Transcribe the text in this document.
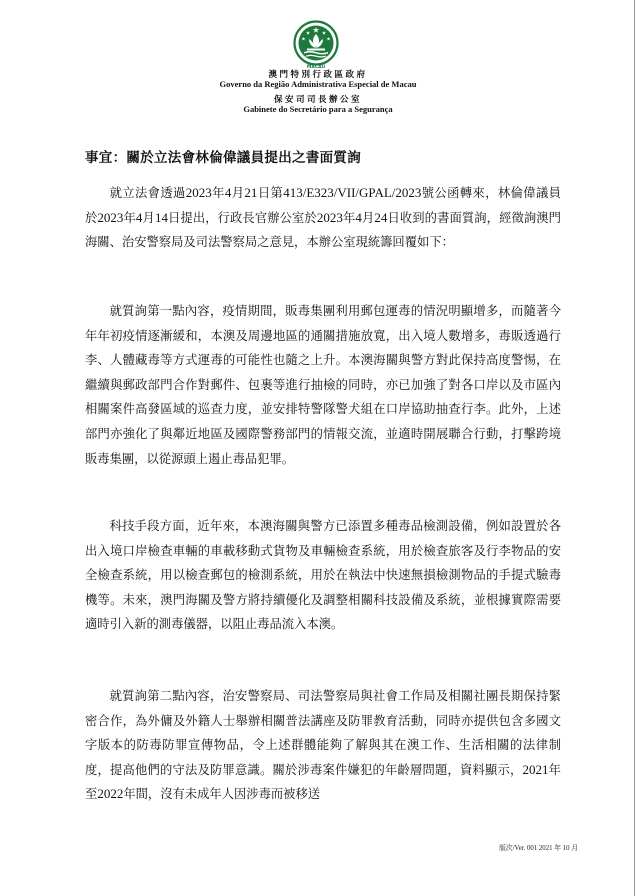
MACAU
澳門特別行政區政府
Governo da Região Administrativa Especial de Macau
保安司司長辦公室
Gabinete do Secretário para a Segurança
事宜：關於立法會林倫偉議員提出之書面質詢

就立法會透過2023年4月21日第413/E323/VII/GPAL/2023號公函轉來，林倫偉議員於2023年4月14日提出，行政長官辦公室於2023年4月24日收到的書面質詢，經徵詢澳門海關、治安警察局及司法警察局之意見，本辦公室現統籌回覆如下：

就質詢第一點內容，疫情期間，販毒集團利用郵包運毒的情況明顯增多，而隨著今年年初疫情逐漸緩和，本澳及周邊地區的通關措施放寬，出入境人數增多，毒販透過行李、人體藏毒等方式運毒的可能性也隨之上升。本澳海關與警方對此保持高度警惕，在繼續與郵政部門合作對郵件、包裹等進行抽檢的同時，亦已加強了對各口岸以及市區內相關案件高發區域的巡查力度，並安排特警隊警犬組在口岸協助抽查行李。此外，上述部門亦強化了與鄰近地區及國際警務部門的情報交流，並適時開展聯合行動，打擊跨境販毒集團，以從源頭上遏止毒品犯罪。

科技手段方面，近年來，本澳海關與警方已添置多種毒品檢測設備，例如設置於各出入境口岸檢查車輛的車載移動式貨物及車輛檢查系統，用於檢查旅客及行李物品的安全檢查系統，用以檢查郵包的檢測系統，用於在執法中快速無損檢測物品的手提式驗毒機等。未來，澳門海關及警方將持續優化及調整相關科技設備及系統，並根據實際需要適時引入新的測毒儀器，以阻止毒品流入本澳。

就質詢第二點內容，治安警察局、司法警察局與社會工作局及相關社團長期保持緊密合作，為外傭及外籍人士舉辦相關普法講座及防罪教育活動，同時亦提供包含多國文字版本的防毒防罪宣傳物品，令上述群體能夠了解與其在澳工作、生活相關的法律制度，提高他們的守法及防罪意識。關於涉毒案件嫌犯的年齡層問題，資料顯示，2021年至2022年間，沒有未成年人因涉毒而被移送

版次/Ver. 001 2021 年 10 月
